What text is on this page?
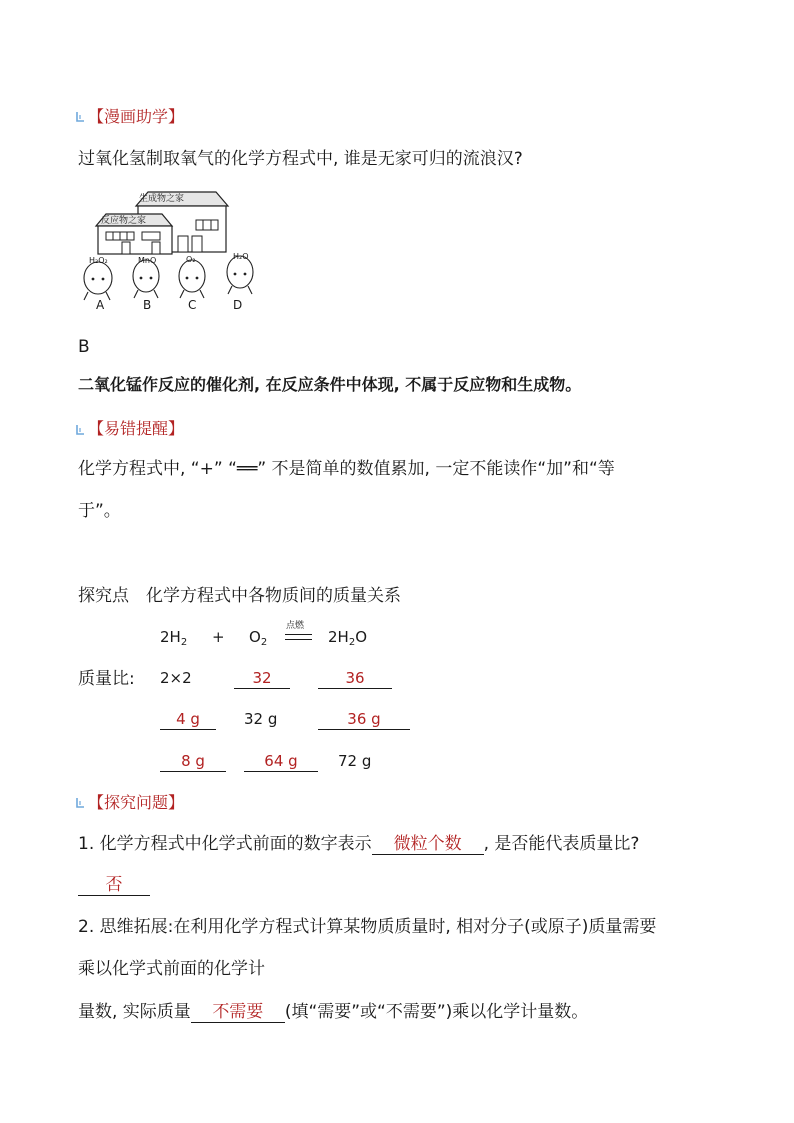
【漫画助学】
过氧化氢制取氧气的化学方程式中, 谁是无家可归的流浪汉?
生成物之家
反应物之家
H₂O₂	MnO	O₂	H₂O
A	B	C	D
B
二氧化锰作反应的催化剂, 在反应条件中体现, 不属于反应物和生成物。
【易错提醒】
化学方程式中, “+” “══” 不是简单的数值累加, 一定不能读作“加”和“等
于”。
探究点　化学方程式中各物质间的质量关系
$2H_2 + O_2$
点燃
$2H_2O$
质量比: 2×2	32	36
4 g	32 g	36 g
8 g	64 g	72 g
【探究问题】
1. 化学方程式中化学式前面的数字表示 微粒个数 , 是否能代表质量比?
否
2. 思维拓展:在利用化学方程式计算某物质质量时, 相对分子(或原子)质量需要
乘以化学式前面的化学计
量数, 实际质量 不需要 (填“需要”或“不需要”)乘以化学计量数。
